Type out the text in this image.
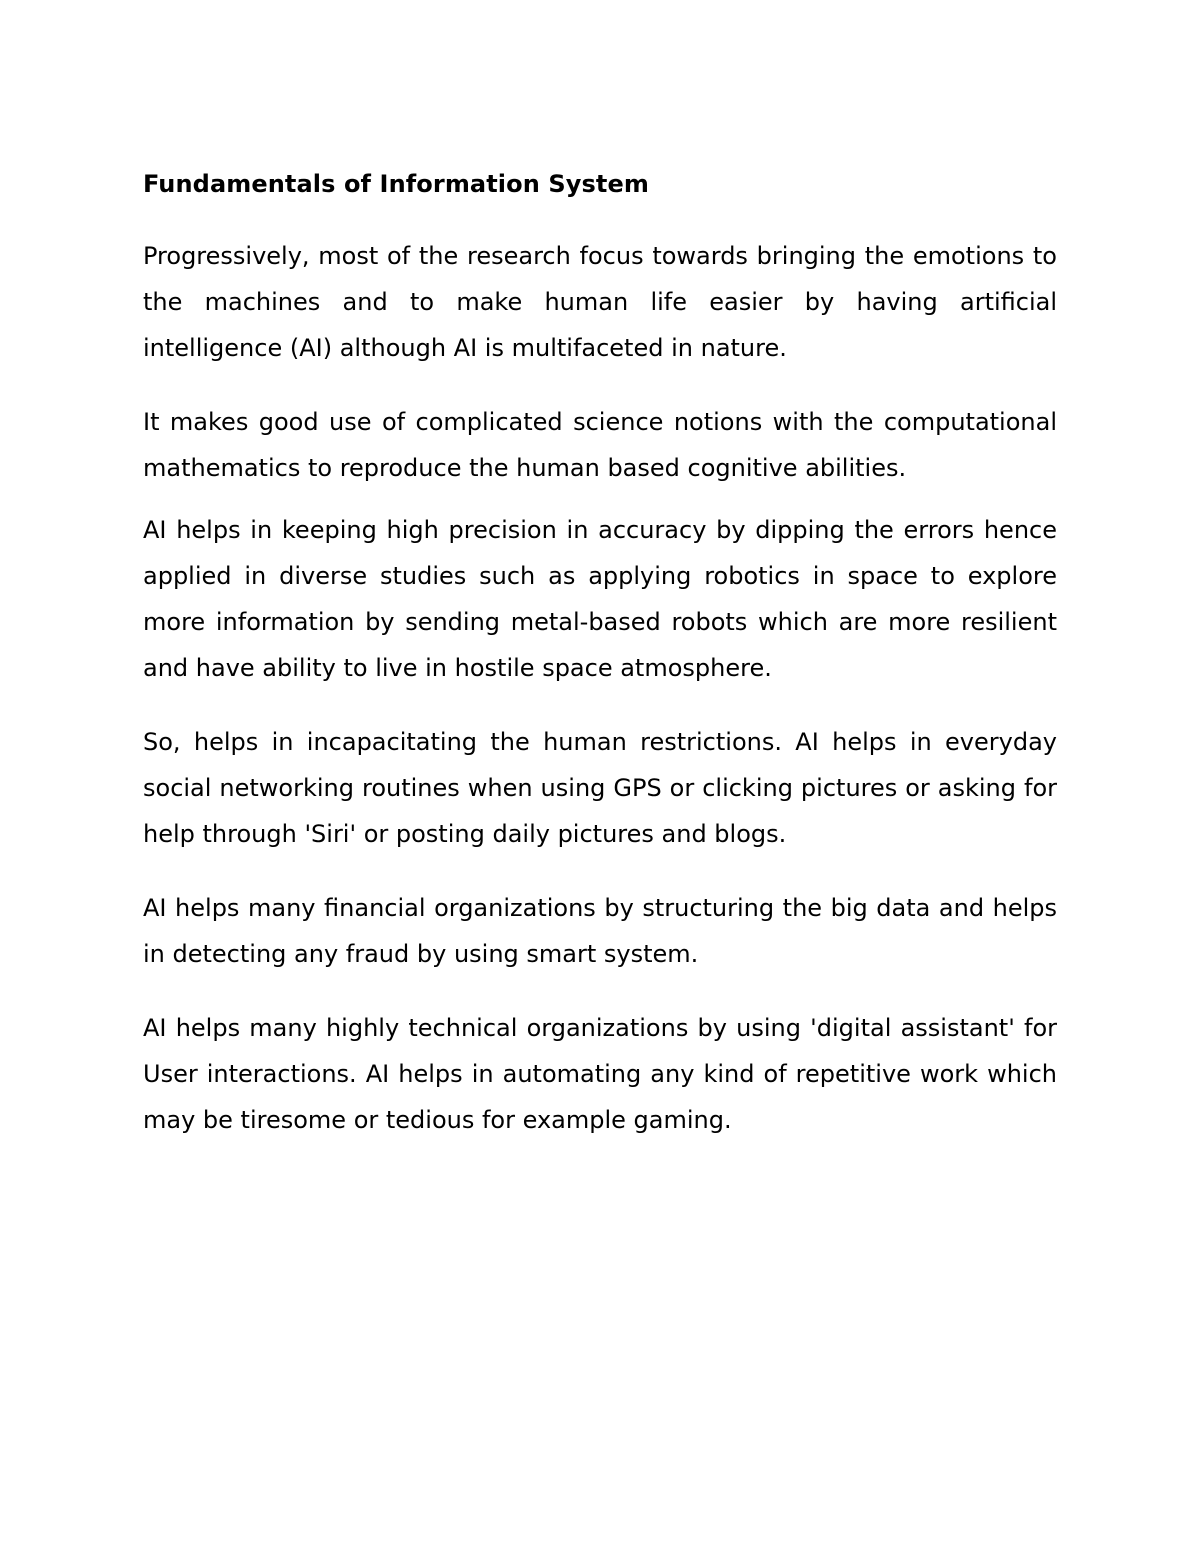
Fundamentals of Information System

Progressively, most of the research focus towards bringing the emotions to the machines and to make human life easier by having artificial intelligence (AI) although AI is multifaceted in nature.

It makes good use of complicated science notions with the computational mathematics to reproduce the human based cognitive abilities.

AI helps in keeping high precision in accuracy by dipping the errors hence applied in diverse studies such as applying robotics in space to explore more information by sending metal-based robots which are more resilient and have ability to live in hostile space atmosphere.

So, helps in incapacitating the human restrictions. AI helps in everyday social networking routines when using GPS or clicking pictures or asking for help through 'Siri' or posting daily pictures and blogs.

AI helps many financial organizations by structuring the big data and helps in detecting any fraud by using smart system.

AI helps many highly technical organizations by using 'digital assistant' for User interactions. AI helps in automating any kind of repetitive work which may be tiresome or tedious for example gaming.
